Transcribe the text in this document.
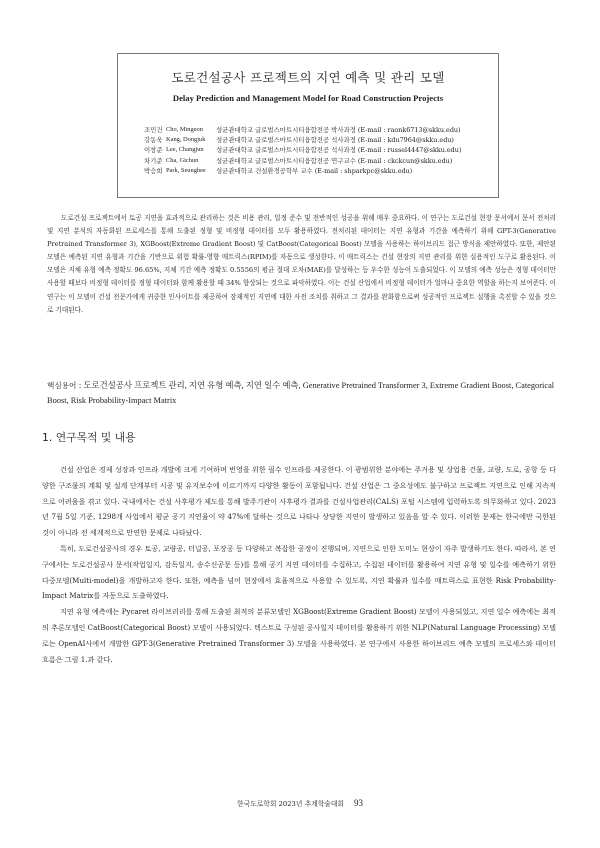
도로건설공사 프로젝트의 지연 예측 및 관리 모델
Delay Prediction and Management Model for Road Construction Projects
조민건 Cho, Mingeon	성균관대학교 글로벌스마트시티융합전공 박사과정 (E-mail : raonk6713@skku.edu)
강동욱 Kang, Dongjuk	성균관대학교 글로벌스마트시티융합전공 석사과정 (E-mail : kdu7964@skku.edu)
이창준 Lee, Changjun	성균관대학교 글로벌스마트시티융합전공 석사과정 (E-mail : russel4447@skku.edu)
차기준 Cha, Gichun	성균관대학교 글로벌스마트시티융합전공 연구교수 (E-mail : ckckcun@skku.edu)
박승희 Park, Seunghee	성균관대학교 건설환경공학부 교수 (E-mail : shparkpc@skku.edu)

도로건설 프로젝트에서 토공 지연을 효과적으로 관리하는 것은 비용 관리, 일정 준수 및 전반적인 성공을 위해 매우 중요하다. 이 연구는 도로건설 현장 문서에서 문서 전처리 및 지연 분석의 자동화된 프로세스를 통해 도출된 정형 및 비정형 데이터를 모두 활용하였다. 전처리된 데이터는 지연 유형과 기간을 예측하기 위해 GPT-3(Generative Pretrained Transformer 3), XGBoost(Extreme Gradient Boost) 및 CatBoost(Categorical Boost) 모델을 사용하는 하이브리드 접근 방식을 제안하였다. 또한, 제안된 모델은 예측된 지연 유형과 기간을 기반으로 위험 확률-영향 매트릭스(RPIM)를 자동으로 생성한다. 이 매트릭스는 건설 현장의 지연 관리를 위한 실용적인 도구로 활용된다. 이 모델은 지체 유형 예측 정확도 96.65%, 지체 기간 예측 정확도 0.5556의 평균 절대 오차(MAE)를 달성하는 등 우수한 성능이 도출되었다. 이 모델의 예측 성능은 정형 데이터만 사용할 때보다 비정형 데이터를 정형 데이터와 함께 활용할 때 34% 향상되는 것으로 파악하였다. 이는 건설 산업에서 비정형 데이터가 얼마나 중요한 역할을 하는지 보여준다. 이 연구는 이 모델이 건설 전문가에게 귀중한 인사이트를 제공하여 잠재적인 지연에 대한 사전 조치를 취하고 그 결과를 완화함으로써 성공적인 프로젝트 실행을 촉진할 수 있을 것으로 기대된다.

핵심용어 : 도로건설공사 프로젝트 관리, 지연 유형 예측, 지연 일수 예측, Generative Pretrained Transformer 3, Extreme Gradient Boost, Categorical Boost, Risk Probability-Impact Matrix
1. 연구목적 및 내용

건설 산업은 경제 성장과 인프라 개발에 크게 기여하며 번영을 위한 필수 인프라를 제공한다. 이 광범위한 분야에는 주거용 및 상업용 건물, 교량, 도로, 공항 등 다양한 구조물의 계획 및 설계 단계부터 시공 및 유지보수에 이르기까지 다양한 활동이 포함됩니다. 건설 산업은 그 중요성에도 불구하고 프로젝트 지연으로 인해 지속적으로 어려움을 겪고 있다. 국내에서는 건설 사후평가 제도를 통해 발주기관이 사후평가 결과를 건설사업관리(CALS) 포털 시스템에 입력하도록 의무화하고 있다. 2023년 7월 5일 기준, 1298개 사업에서 평균 공기 지연율이 약 47%에 달하는 것으로 나타나 상당한 지연이 발생하고 있음을 알 수 있다. 이러한 문제는 한국에만 국한된 것이 아니라 전 세계적으로 만연한 문제로 나타났다.

특히, 도로건설공사의 경우 토공, 교량공, 터널공, 포장공 등 다양하고 복잡한 공정이 진행되며, 지연으로 인한 도미노 현상이 자주 발생하기도 한다. 따라서, 본 연구에서는 도로건설공사 문서(작업일지, 감독일지, 송수신공문 등)를 통해 공기 지연 데이터를 수집하고, 수집된 데이터를 활용하여 지연 유형 및 일수를 예측하기 위한 다중모델(Multi-model)을 개발하고자 한다. 또한, 예측을 넘어 현장에서 효율적으로 사용할 수 있도록, 지연 확률과 일수를 매트릭스로 표현한 Risk Probability-Impact Matrix를 자동으로 도출하였다.

지연 유형 예측에는 Pycaret 라이브러리를 통해 도출된 최적의 분류모델인 XGBoost(Extreme Gradient Boost) 모델이 사용되었고, 지연 일수 예측에는 최적의 추론모델인 CatBoost(Categorical Boost) 모델이 사용되었다. 텍스트로 구성된 공사일지 데이터를 활용하기 위한 NLP(Natural Language Processing) 모델로는 OpenAI사에서 개발한 GPT-3(Generative Pretrained Transformer 3) 모델을 사용하였다. 본 연구에서 사용한 하이브리드 예측 모델의 프로세스와 데이터 흐름은 그림 1.과 같다.

한국도로학회 2023년 추계학술대회 93
